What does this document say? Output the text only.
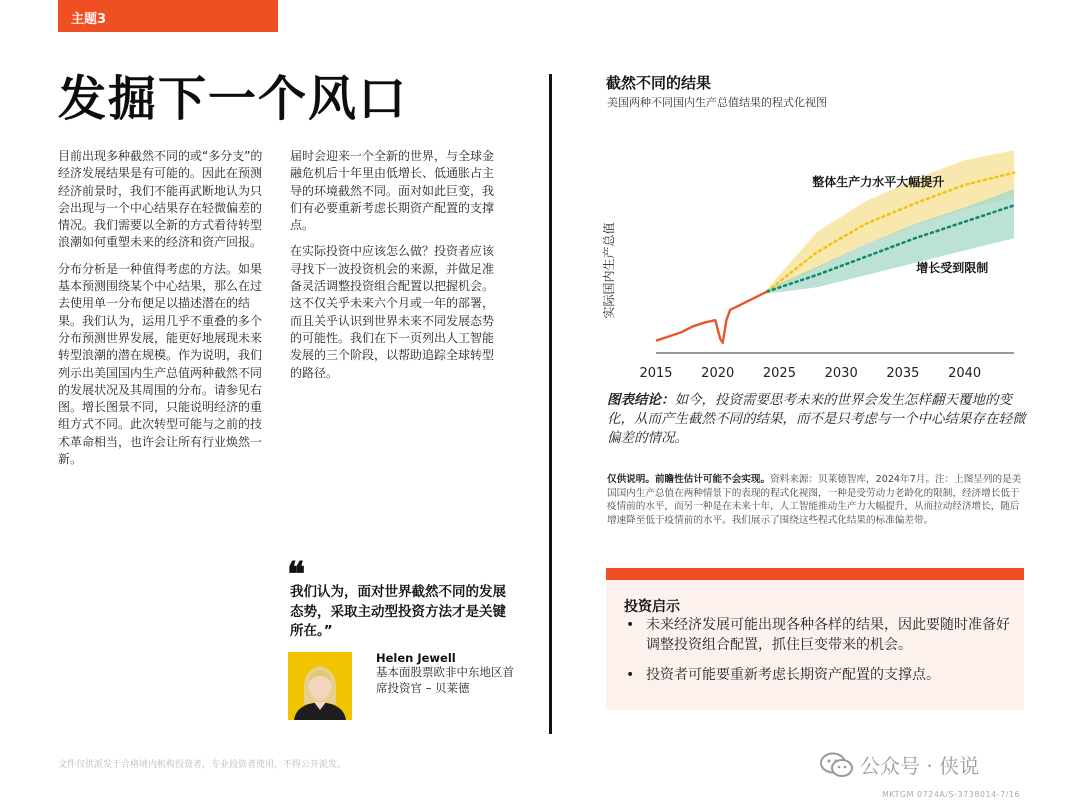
主题3
发掘下一个风口

目前出现多种截然不同的或“多分支”的经济发展结果是有可能的。因此在预测经济前景时，我们不能再武断地认为只会出现与一个中心结果存在轻微偏差的情况。我们需要以全新的方式看待转型浪潮如何重塑未来的经济和资产回报。

分布分析是一种值得考虑的方法。如果基本预测围绕某个中心结果，那么在过去使用单一分布便足以描述潜在的结果。我们认为，运用几乎不重叠的多个分布预测世界发展，能更好地展现未来转型浪潮的潜在规模。作为说明，我们列示出美国国内生产总值两种截然不同的发展状况及其周围的分布。请参见右图。增长图景不同，只能说明经济的重组方式不同。此次转型可能与之前的技术革命相当，也许会让所有行业焕然一新。

届时会迎来一个全新的世界，与全球金融危机后十年里由低增长、低通胀占主导的环境截然不同。面对如此巨变，我们有必要重新考虑长期资产配置的支撑点。

在实际投资中应该怎么做？投资者应该寻找下一波投资机会的来源，并做足准备灵活调整投资组合配置以把握机会。这不仅关乎未来六个月或一年的部署，而且关乎认识到世界未来不同发展态势的可能性。我们在下一页列出人工智能发展的三个阶段，以帮助追踪全球转型的路径。

❝
我们认为，面对世界截然不同的发展态势，采取主动型投资方法才是关键所在。”
Helen Jewell
基本面股票欧非中东地区首席投资官 – 贝莱德
截然不同的结果
美国两种不同国内生产总值结果的程式化视图
2015 2020 2025 2030 2035 2040
实际国内生产总值
整体生产力水平大幅提升
增长受到限制
图表结论：如今，投资需要思考未来的世界会发生怎样翻天覆地的变化，从而产生截然不同的结果，而不是只考虑与一个中心结果存在轻微偏差的情况。
仅供说明。前瞻性估计可能不会实现。资料来源：贝莱德智库，2024年7月。注：上图呈列的是美国国内生产总值在两种情景下的表现的程式化视图，一种是受劳动力老龄化的限制，经济增长低于疫情前的水平，而另一种是在未来十年，人工智能推动生产力大幅提升，从而拉动经济增长，随后增速降至低于疫情前的水平。我们展示了围绕这些程式化结果的标准偏差带。
投资启示
• 未来经济发展可能出现各种各样的结果，因此要随时准备好调整投资组合配置，抓住巨变带来的机会。
• 投资者可能要重新考虑长期资产配置的支撑点。
文件仅供派发于合格境内机构投资者，专业投资者使用，不得公开派发。	公众号 · 侠说
MKTGM 0724A/S-3738014-7/16
